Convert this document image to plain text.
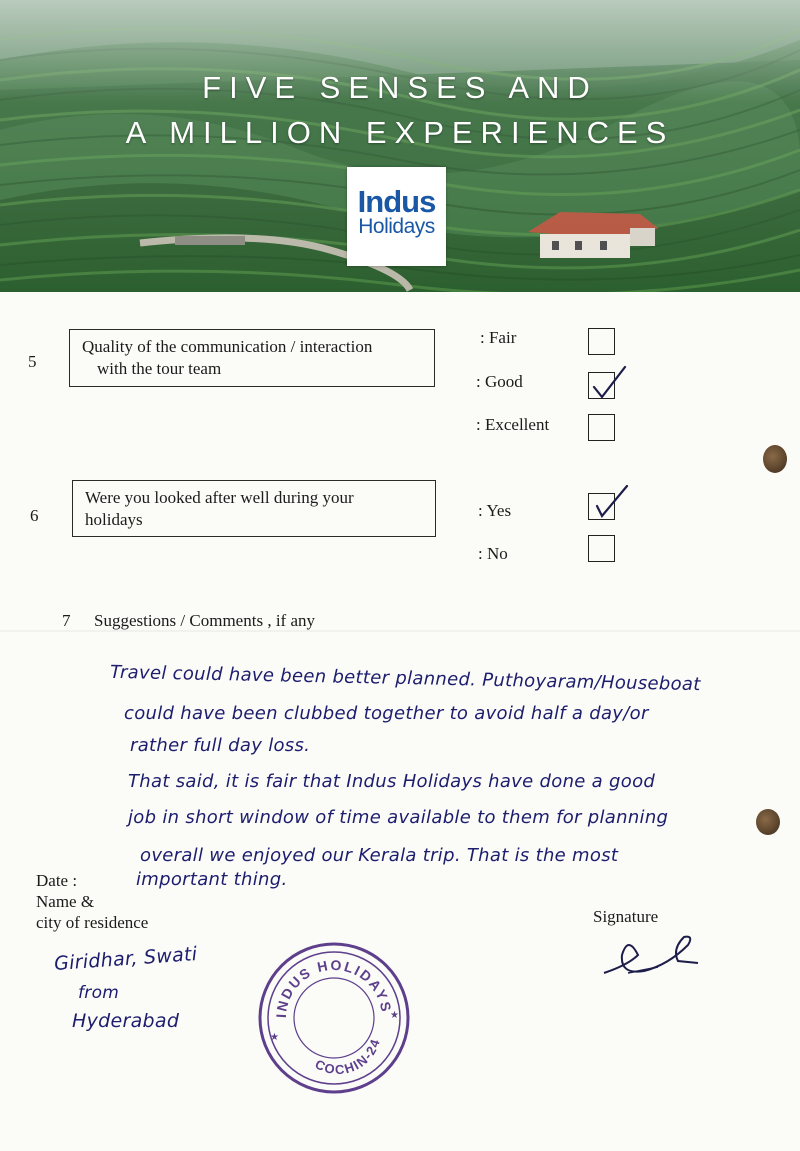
FIVE SENSES AND
A MILLION EXPERIENCES
Indus
Holidays
5
Quality of the communication / interaction
with the tour team
: Fair
: Good
: Excellent
6
Were you looked after well during your
holidays	: Yes
: No
7 Suggestions / Comments , if any
Travel could have been better planned. Puthoyaram/Houseboat
could have been clubbed together to avoid half a day/or
rather full day loss.
That said, it is fair that Indus Holidays have done a good
job in short window of time available to them for planning
overall we enjoyed our Kerala trip. That is the most
important thing.
Date :
Name &
city of residence	Signature
Giridhar, Swati
from
Hyderabad	INDUS HOLIDAYS
COCHIN-24
★
★
